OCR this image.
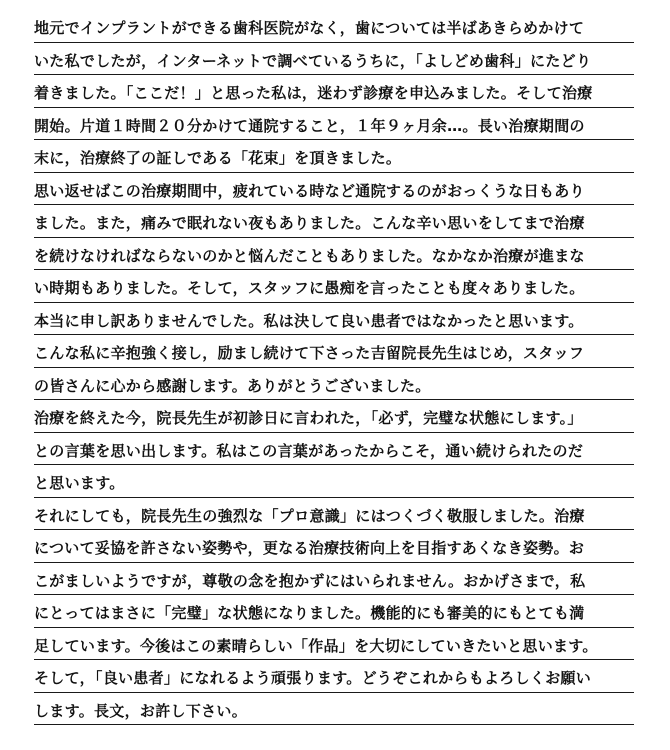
地元でインプラントができる歯科医院がなく，歯については半ばあきらめかけて
いた私でしたが，インターネットで調べているうちに，「よしどめ歯科」にたどり
着きました。「ここだ！」と思った私は，迷わず診療を申込みました。そして治療
開始。片道１時間２０分かけて通院すること，１年９ヶ月余…。長い治療期間の
末に，治療終了の証しである「花束」を頂きました。
思い返せばこの治療期間中，疲れている時など通院するのがおっくうな日もあり
ました。また，痛みで眠れない夜もありました。こんな辛い思いをしてまで治療
を続けなければならないのかと悩んだこともありました。なかなか治療が進まな
い時期もありました。そして，スタッフに愚痴を言ったことも度々ありました。
本当に申し訳ありませんでした。私は決して良い患者ではなかったと思います。
こんな私に辛抱強く接し，励まし続けて下さった吉留院長先生はじめ，スタッフ
の皆さんに心から感謝します。ありがとうございました。
治療を終えた今，院長先生が初診日に言われた，「必ず，完璧な状態にします。」
との言葉を思い出します。私はこの言葉があったからこそ，通い続けられたのだ
と思います。
それにしても，院長先生の強烈な「プロ意識」にはつくづく敬服しました。治療
について妥協を許さない姿勢や，更なる治療技術向上を目指すあくなき姿勢。お
こがましいようですが，尊敬の念を抱かずにはいられません。おかげさまで，私
にとってはまさに「完璧」な状態になりました。機能的にも審美的にもとても満
足しています。今後はこの素晴らしい「作品」を大切にしていきたいと思います。
そして，「良い患者」になれるよう頑張ります。どうぞこれからもよろしくお願い
します。長文，お許し下さい。
